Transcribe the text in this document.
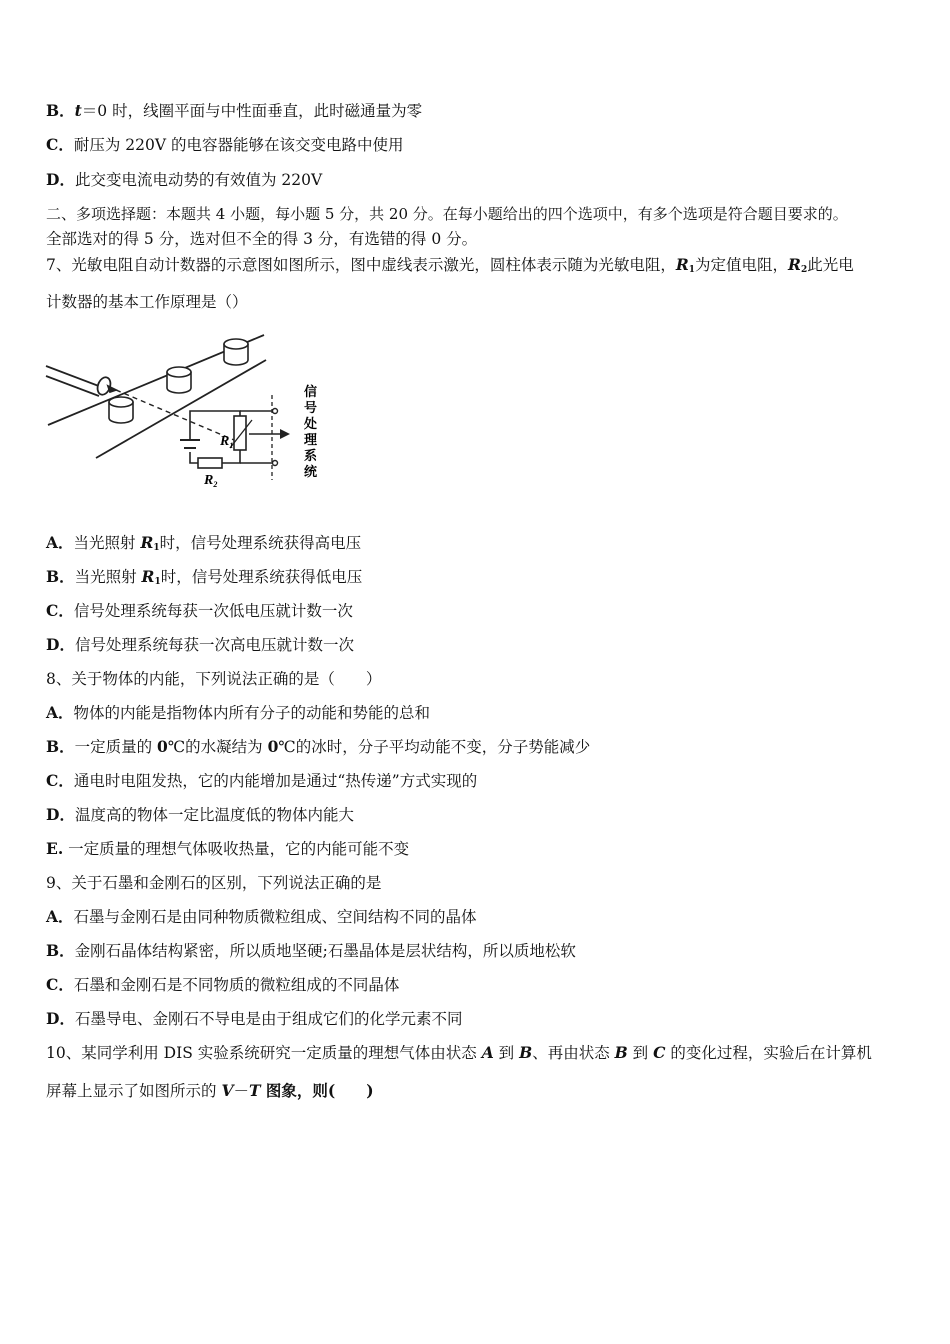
B．t＝0 时，线圈平面与中性面垂直，此时磁通量为零
C．耐压为 220V 的电容器能够在该交变电路中使用
D．此交变电流电动势的有效值为 220V
二、多项选择题：本题共 4 小题，每小题 5 分，共 20 分。在每小题给出的四个选项中，有多个选项是符合题目要求的。
全部选对的得 5 分，选对但不全的得 3 分，有选错的得 0 分。
7、光敏电阻自动计数器的示意图如图所示，图中虚线表示激光，圆柱体表示随为光敏电阻，$R_1$为定值电阻，$R_2$此光电
计数器的基本工作原理是（）
$R_1$
$R_2$
信
号
处
理
系
统
A．当光照射 $R_1$时，信号处理系统获得高电压
B．当光照射 $R_1$时，信号处理系统获得低电压
C．信号处理系统每获一次低电压就计数一次
D．信号处理系统每获一次高电压就计数一次
8、关于物体的内能，下列说法正确的是（　　）
A．物体的内能是指物体内所有分子的动能和势能的总和
B．一定质量的 0℃的水凝结为 0℃的冰时，分子平均动能不变，分子势能减少
C．通电时电阻发热，它的内能增加是通过“热传递”方式实现的
D．温度高的物体一定比温度低的物体内能大
E. 一定质量的理想气体吸收热量，它的内能可能不变
9、关于石墨和金刚石的区别，下列说法正确的是
A．石墨与金刚石是由同种物质微粒组成、空间结构不同的晶体
B．金刚石晶体结构紧密，所以质地坚硬;石墨晶体是层状结构，所以质地松软
C．石墨和金刚石是不同物质的微粒组成的不同晶体
D．石墨导电、金刚石不导电是由于组成它们的化学元素不同
10、某同学利用 DIS 实验系统研究一定质量的理想气体由状态 A 到 B、再由状态 B 到 C 的变化过程，实验后在计算机
屏幕上显示了如图所示的 V－T 图象，则(　　)
